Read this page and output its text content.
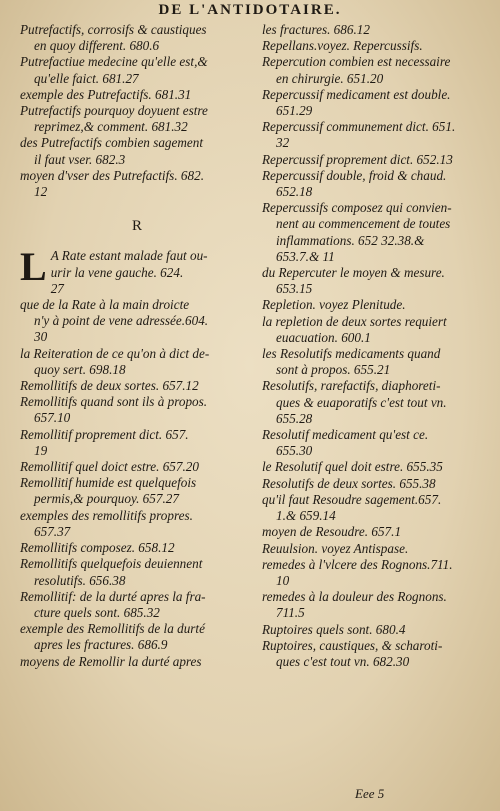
DE L'ANTIDOTAIRE.

Putrefactifs, corrosifs & caustiques
en quoy different. 680.6

Putrefactiue medecine qu'elle est,&
qu'elle faict. 681.27

exemple des Putrefactifs. 681.31

Putrefactifs pourquoy doyuent estre
reprimez,& comment. 681.32

des Putrefactifs combien sagement
il faut vser. 682.3

moyen d'vser des Putrefactifs. 682.
12

R
L A Rate estant malade faut ou-
urir la vene gauche. 624.
27

que de la Rate à la main droicte
n'y à point de vene adressée.604.
30

la Reiteration de ce qu'on à dict de-
quoy sert. 698.18

Remollitifs de deux sortes. 657.12

Remollitifs quand sont ils à propos.
657.10

Remollitif proprement dict. 657.
19

Remollitif quel doict estre. 657.20

Remollitif humide est quelquefois
permis,& pourquoy. 657.27

exemples des remollitifs propres.
657.37

Remollitifs composez. 658.12

Remollitifs quelquefois deuiennent
resolutifs. 656.38

Remollitif: de la durté apres la fra-
cture quels sont. 685.32

exemple des Remollitifs de la durté
apres les fractures. 686.9

moyens de Remollir la durté apres

les fractures. 686.12

Repellans.voyez. Repercussifs.

Repercution combien est necessaire
en chirurgie. 651.20

Repercussif medicament est double.
651.29

Repercussif communement dict. 651.
32

Repercussif proprement dict. 652.13

Repercussif double, froid & chaud.
652.18

Repercussifs composez qui convien-
nent au commencement de toutes
inflammations. 652 32.38.&
653.7.& 11

du Repercuter le moyen & mesure.
653.15

Repletion. voyez Plenitude.

la repletion de deux sortes requiert
euacuation. 600.1

les Resolutifs medicaments quand
sont à propos. 655.21

Resolutifs, rarefactifs, diaphoreti-
ques & euaporatifs c'est tout vn.
655.28

Resolutif medicament qu'est ce.
655.30

le Resolutif quel doit estre. 655.35

Resolutifs de deux sortes. 655.38

qu'il faut Resoudre sagement.657.
1.& 659.14

moyen de Resoudre. 657.1

Reuulsion. voyez Antispase.

remedes à l'vlcere des Rognons.711.
10

remedes à la douleur des Rognons.
711.5

Ruptoires quels sont. 680.4

Ruptoires, caustiques, & scharoti-
ques c'est tout vn. 682.30

Eee 5
